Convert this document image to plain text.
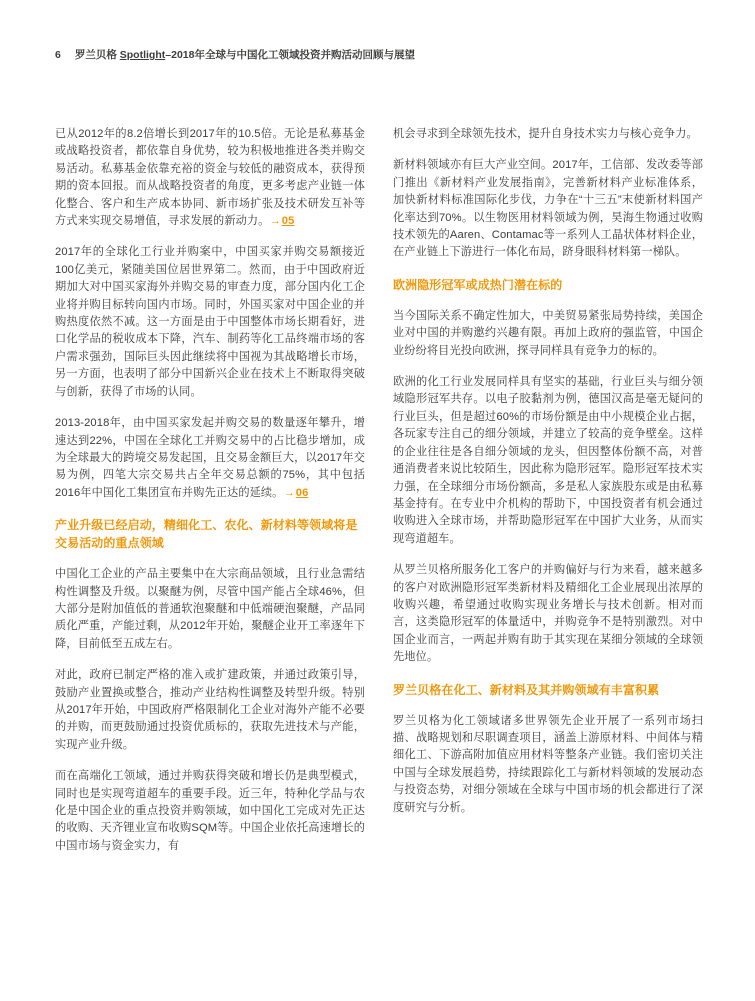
6 罗兰贝格 Spotlight–2018年全球与中国化工领域投资并购活动回顾与展望

已从2012年的8.2倍增长到2017年的10.5倍。无论是私募基金或战略投资者，都依靠自身优势，较为积极地推进各类并购交易活动。私募基金依靠充裕的资金与较低的融资成本，获得预期的资本回报。而从战略投资者的角度，更多考虑产业链一体化整合、客户和生产成本协同、新市场扩张及技术研发互补等方式来实现交易增值，寻求发展的新动力。→05

2017年的全球化工行业并购案中，中国买家并购交易额接近100亿美元，紧随美国位居世界第二。然而，由于中国政府近期加大对中国买家海外并购交易的审查力度，部分国内化工企业将并购目标转向国内市场。同时，外国买家对中国企业的并购热度依然不减。这一方面是由于中国整体市场长期看好，进口化学品的税收成本下降，汽车、制药等化工品终端市场的客户需求强劲，国际巨头因此继续将中国视为其战略增长市场，另一方面，也表明了部分中国新兴企业在技术上不断取得突破与创新，获得了市场的认同。

2013-2018年，由中国买家发起并购交易的数量逐年攀升，增速达到22%，中国在全球化工并购交易中的占比稳步增加，成为全球最大的跨境交易发起国，且交易金额巨大，以2017年交易为例，四笔大宗交易共占全年交易总额的75%，其中包括2016年中国化工集团宣布并购先正达的延续。→06

产业升级已经启动，精细化工、农化、新材料等领域将是交易活动的重点领域

中国化工企业的产品主要集中在大宗商品领域，且行业急需结构性调整及升级。以聚醚为例，尽管中国产能占全球46%，但大部分是附加值低的普通软泡聚醚和中低端硬泡聚醚，产品同质化严重，产能过剩，从2012年开始，聚醚企业开工率逐年下降，目前低至五成左右。

对此，政府已制定严格的准入或扩建政策，并通过政策引导，鼓励产业置换或整合，推动产业结构性调整及转型升级。特别从2017年开始，中国政府严格限制化工企业对海外产能不必要的并购，而更鼓励通过投资优质标的，获取先进技术与产能，实现产业升级。

而在高端化工领域，通过并购获得突破和增长仍是典型模式，同时也是实现弯道超车的重要手段。近三年，特种化学品与农化是中国企业的重点投资并购领域，如中国化工完成对先正达的收购、天齐锂业宣布收购SQM等。中国企业依托高速增长的中国市场与资金实力，有

机会寻求到全球领先技术，提升自身技术实力与核心竞争力。

新材料领域亦有巨大产业空间。2017年，工信部、发改委等部门推出《新材料产业发展指南》，完善新材料产业标准体系，加快新材料标准国际化步伐，力争在“十三五”末使新材料国产化率达到70%。以生物医用材料领域为例，昊海生物通过收购技术领先的Aaren、Contamac等一系列人工晶状体材料企业，在产业链上下游进行一体化布局，跻身眼科材料第一梯队。

欧洲隐形冠军或成热门潜在标的

当今国际关系不确定性加大，中美贸易紧张局势持续，美国企业对中国的并购邀约兴趣有限。再加上政府的强监管，中国企业纷纷将目光投向欧洲，探寻同样具有竞争力的标的。

欧洲的化工行业发展同样具有坚实的基础，行业巨头与细分领域隐形冠军共存。以电子胶黏剂为例，德国汉高是毫无疑问的行业巨头，但是超过60%的市场份额是由中小规模企业占据，各玩家专注自己的细分领域，并建立了较高的竞争壁垒。这样的企业往往是各自细分领域的龙头，但因整体份额不高，对普通消费者来说比较陌生，因此称为隐形冠军。隐形冠军技术实力强，在全球细分市场份额高，多是私人家族股东或是由私募基金持有。在专业中介机构的帮助下，中国投资者有机会通过收购进入全球市场，并帮助隐形冠军在中国扩大业务，从而实现弯道超车。

从罗兰贝格所服务化工客户的并购偏好与行为来看，越来越多的客户对欧洲隐形冠军类新材料及精细化工企业展现出浓厚的收购兴趣，希望通过收购实现业务增长与技术创新。相对而言，这类隐形冠军的体量适中，并购竞争不是特别激烈。对中国企业而言，一两起并购有助于其实现在某细分领域的全球领先地位。

罗兰贝格在化工、新材料及其并购领域有丰富积累

罗兰贝格为化工领域诸多世界领先企业开展了一系列市场扫描、战略规划和尽职调查项目，涵盖上游原材料、中间体与精细化工、下游高附加值应用材料等整条产业链。我们密切关注中国与全球发展趋势，持续跟踪化工与新材料领域的发展动态与投资态势，对细分领域在全球与中国市场的机会都进行了深度研究与分析。
